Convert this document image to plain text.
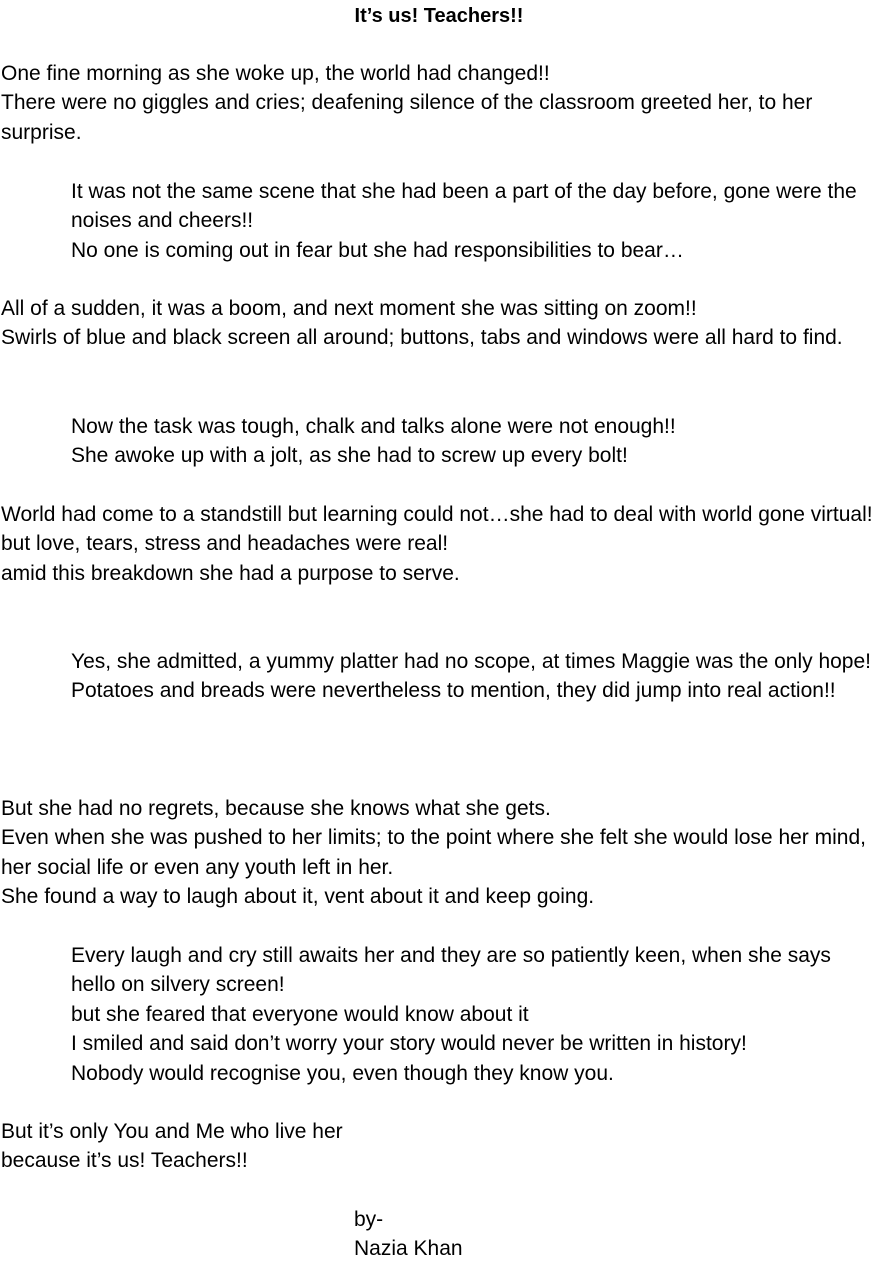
It’s us! Teachers!!
One fine morning as she woke up, the world had changed!!
There were no giggles and cries; deafening silence of the classroom greeted her, to her surprise.
It was not the same scene that she had been a part of the day before, gone were the noises and cheers!!
No one is coming out in fear but she had responsibilities to bear…
All of a sudden, it was a boom, and next moment she was sitting on zoom!!
Swirls of blue and black screen all around; buttons, tabs and windows were all hard to find.
Now the task was tough, chalk and talks alone were not enough!!
She awoke up with a jolt, as she had to screw up every bolt!
World had come to a standstill but learning could not…she had to deal with world gone virtual!
but love, tears, stress and headaches were real!
amid this breakdown she had a purpose to serve.
Yes, she admitted, a yummy platter had no scope, at times Maggie was the only hope!
Potatoes and breads were nevertheless to mention, they did jump into real action!!
But she had no regrets, because she knows what she gets.
Even when she was pushed to her limits; to the point where she felt she would lose her mind, her social life or even any youth left in her.
She found a way to laugh about it, vent about it and keep going.
Every laugh and cry still awaits her and they are so patiently keen, when she says hello on silvery screen!
but she feared that everyone would know about it
I smiled and said don’t worry your story would never be written in history!
Nobody would recognise you, even though they know you.
But it’s only You and Me who live her
because it’s us! Teachers!!
by-
Nazia Khan
